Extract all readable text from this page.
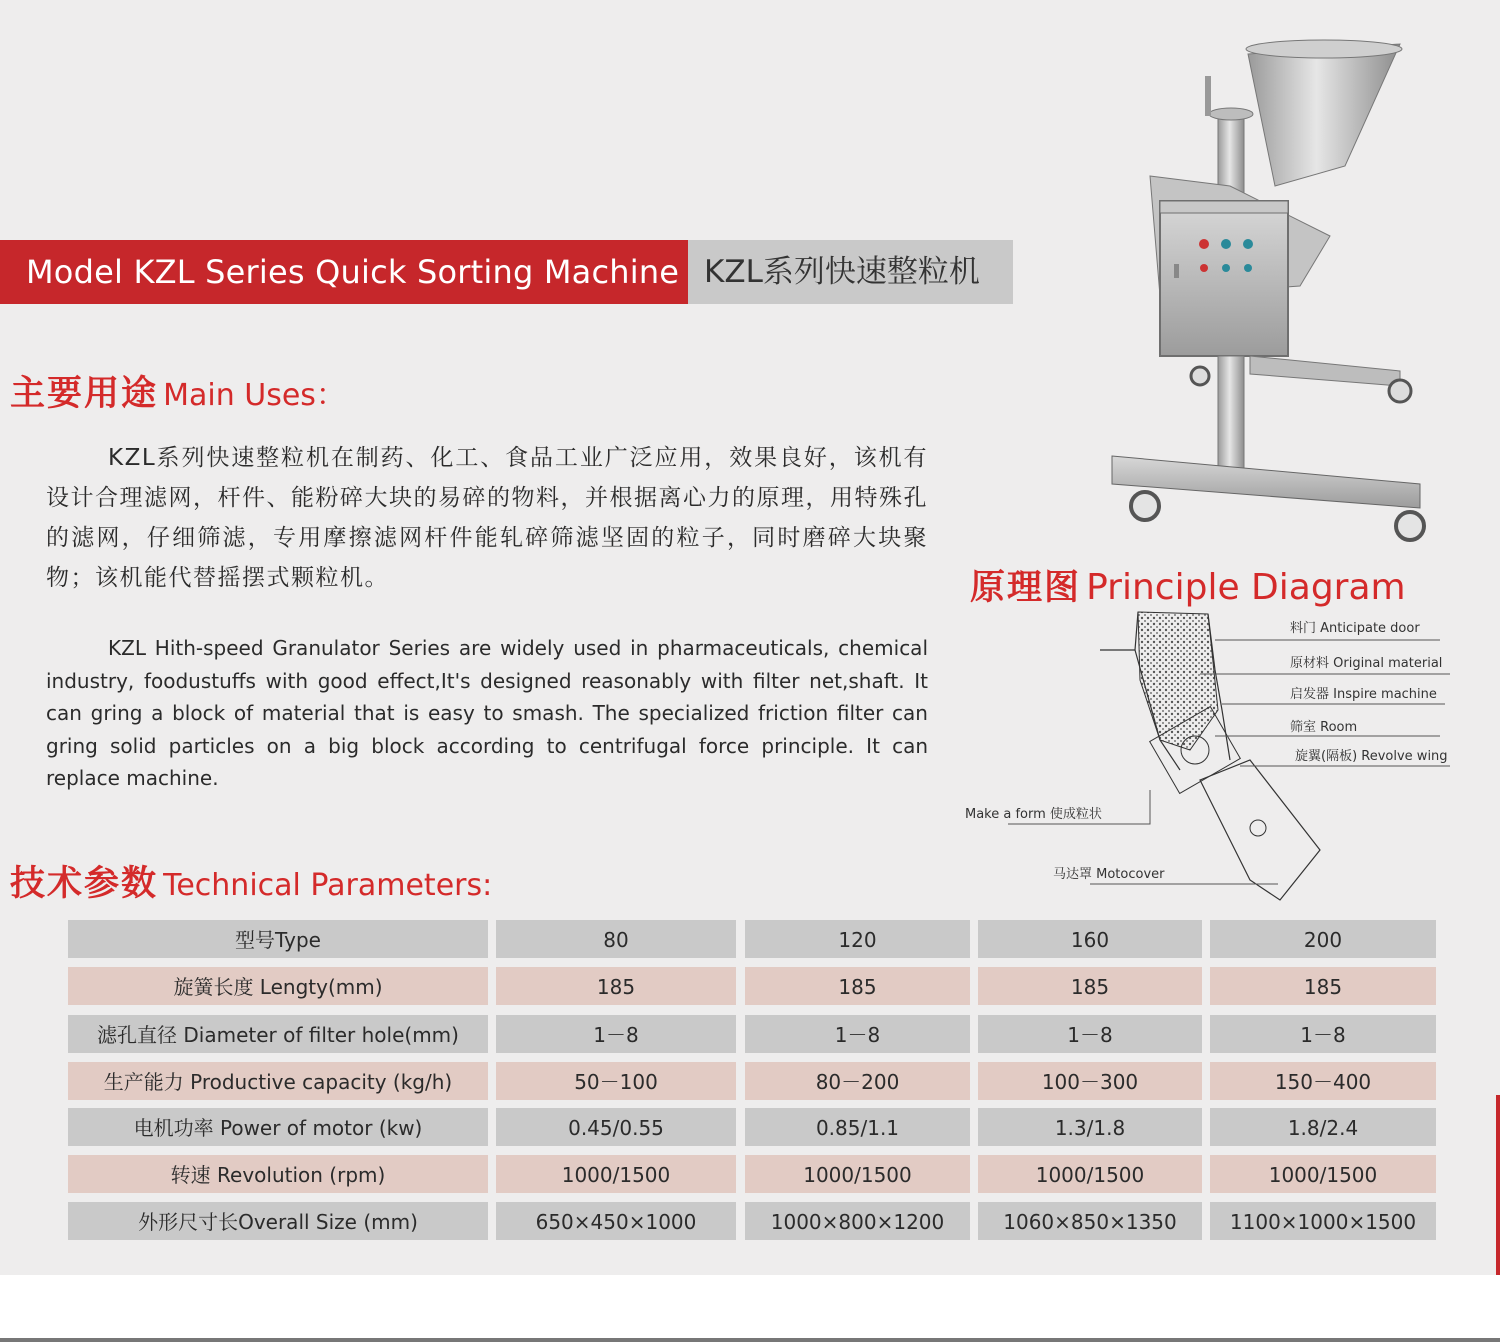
Model KZL Series Quick Sorting Machine KZL系列快速整粒机
主要用途 Main Uses：

KZL系列快速整粒机在制药、化工、食品工业广泛应用，效果良好，该机有设计合理滤网，杆件、能粉碎大块的易碎的物料，并根据离心力的原理，用特殊孔的滤网，仔细筛滤，专用摩擦滤网杆件能轧碎筛滤坚固的粒子，同时磨碎大块聚物；该机能代替摇摆式颗粒机。

KZL Hith-speed Granulator Series are widely used in pharmaceuticals, chemical industry, foodustuffs with good effect,It's designed reasonably with filter net,shaft. It can gring a block of material that is easy to smash. The specialized friction filter can gring solid particles on a big block according to centrifugal force principle. It can replace machine.

原理图 Principle Diagram
料门 Anticipate door
原材料 Original material
启发器 Inspire machine
筛室 Room
旋翼(隔板) Revolve wing
Make a form 使成粒状
马达罩 Motocover
技术参数 Technical Parameters:
型号Type	80	120	160	200
旋簧长度 Lengty(mm)	185	185	185	185
滤孔直径 Diameter of filter hole(mm)	1－8	1－8	1－8	1－8
生产能力 Productive capacity (kg/h)	50－100	80－200	100－300	150－400
电机功率 Power of motor (kw)	0.45/0.55	0.85/1.1	1.3/1.8	1.8/2.4
转速 Revolution (rpm)	1000/1500	1000/1500	1000/1500	1000/1500
外形尺寸长Overall Size (mm)	650×450×1000	1000×800×1200	1060×850×1350	1100×1000×1500
